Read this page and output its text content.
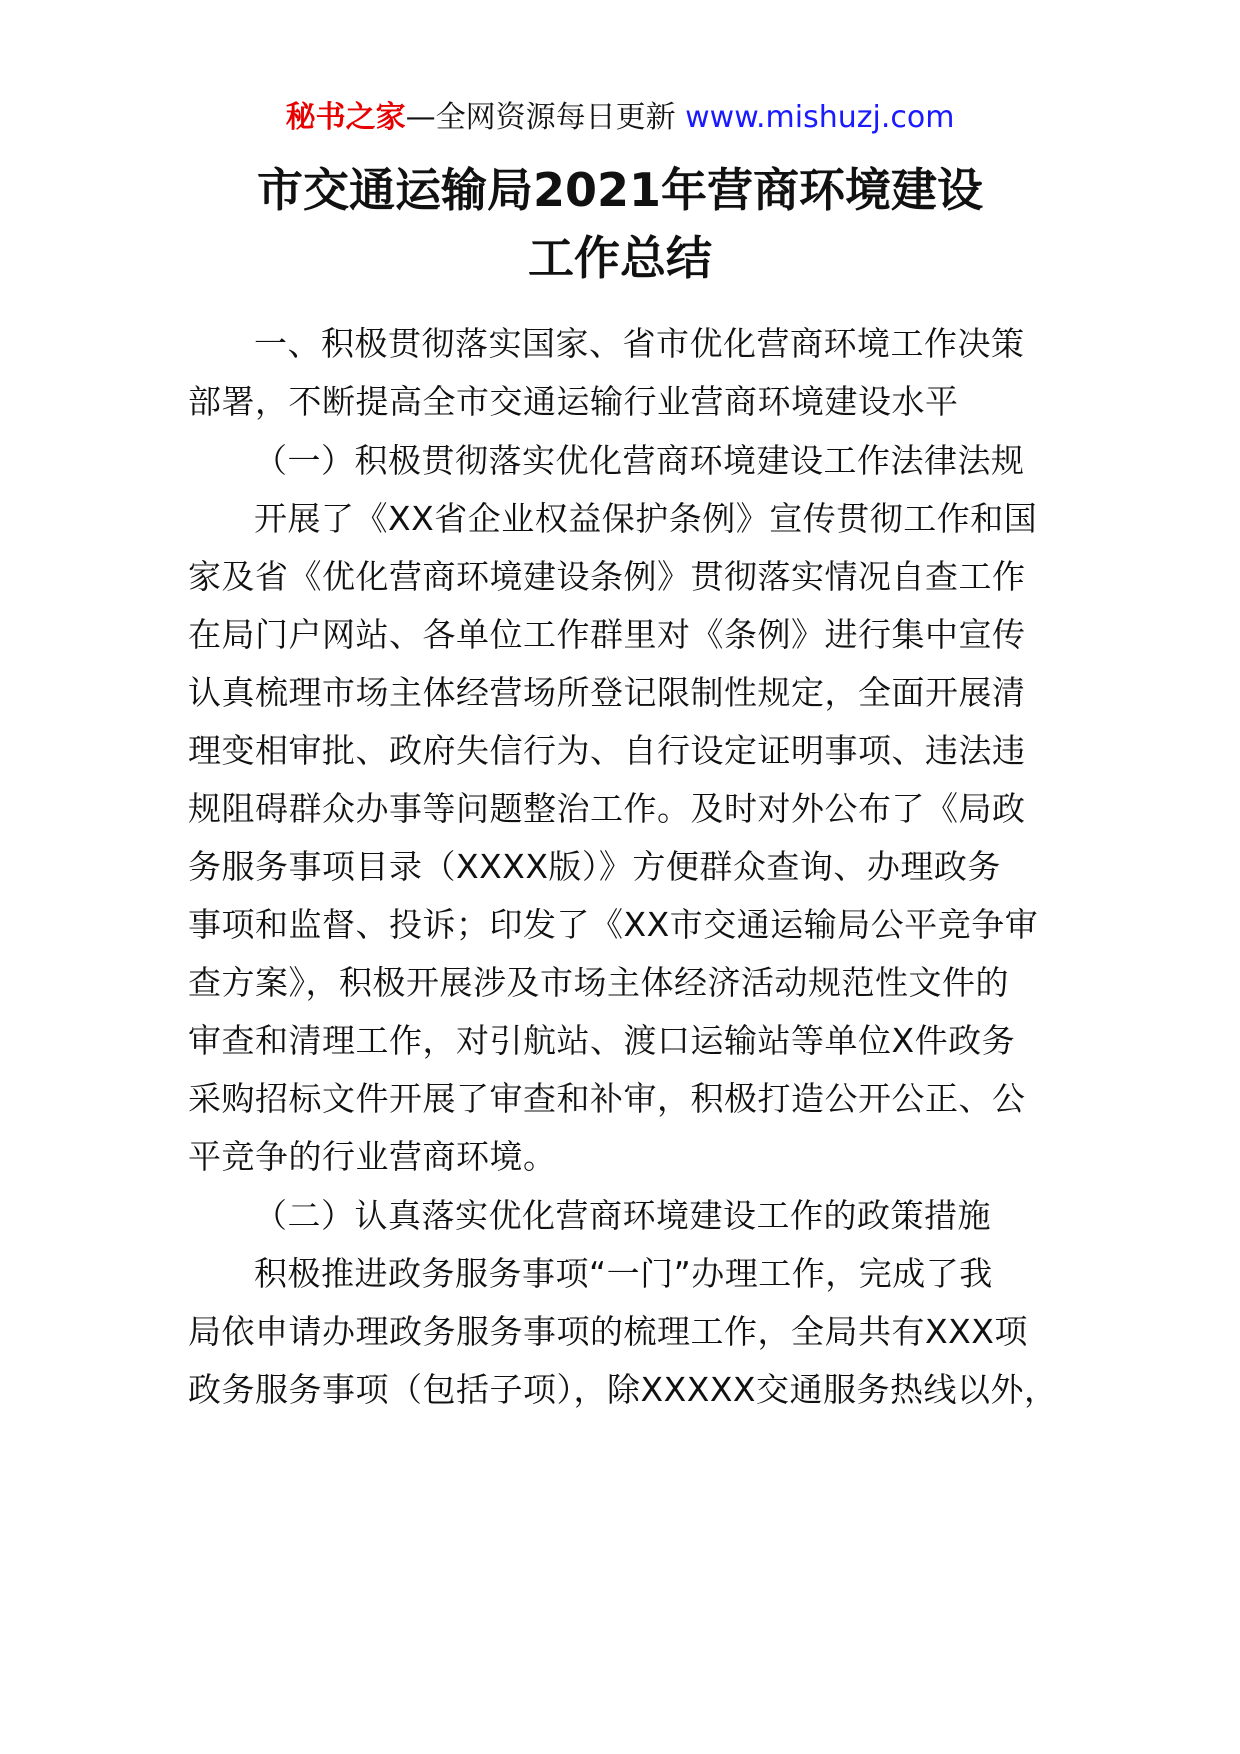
秘书之家—全网资源每日更新 www.mishuzj.com
市交通运输局2021年营商环境建设
工作总结
一、积极贯彻落实国家、省市优化营商环境工作决策
部署，不断提高全市交通运输行业营商环境建设水平
（一）积极贯彻落实优化营商环境建设工作法律法规
开展了《XX省企业权益保护条例》宣传贯彻工作和国
家及省《优化营商环境建设条例》贯彻落实情况自查工作
在局门户网站、各单位工作群里对《条例》进行集中宣传
认真梳理市场主体经营场所登记限制性规定，全面开展清
理变相审批、政府失信行为、自行设定证明事项、违法违
规阻碍群众办事等问题整治工作。及时对外公布了《局政
务服务事项目录（XXXX版）》方便群众查询、办理政务
事项和监督、投诉；印发了《XX市交通运输局公平竞争审
查方案》，积极开展涉及市场主体经济活动规范性文件的
审查和清理工作，对引航站、渡口运输站等单位X件政务
采购招标文件开展了审查和补审，积极打造公开公正、公
平竞争的行业营商环境。
（二）认真落实优化营商环境建设工作的政策措施
积极推进政务服务事项“一门”办理工作，完成了我
局依申请办理政务服务事项的梳理工作，全局共有XXX项
政务服务事项（包括子项），除XXXXX交通服务热线以外，
